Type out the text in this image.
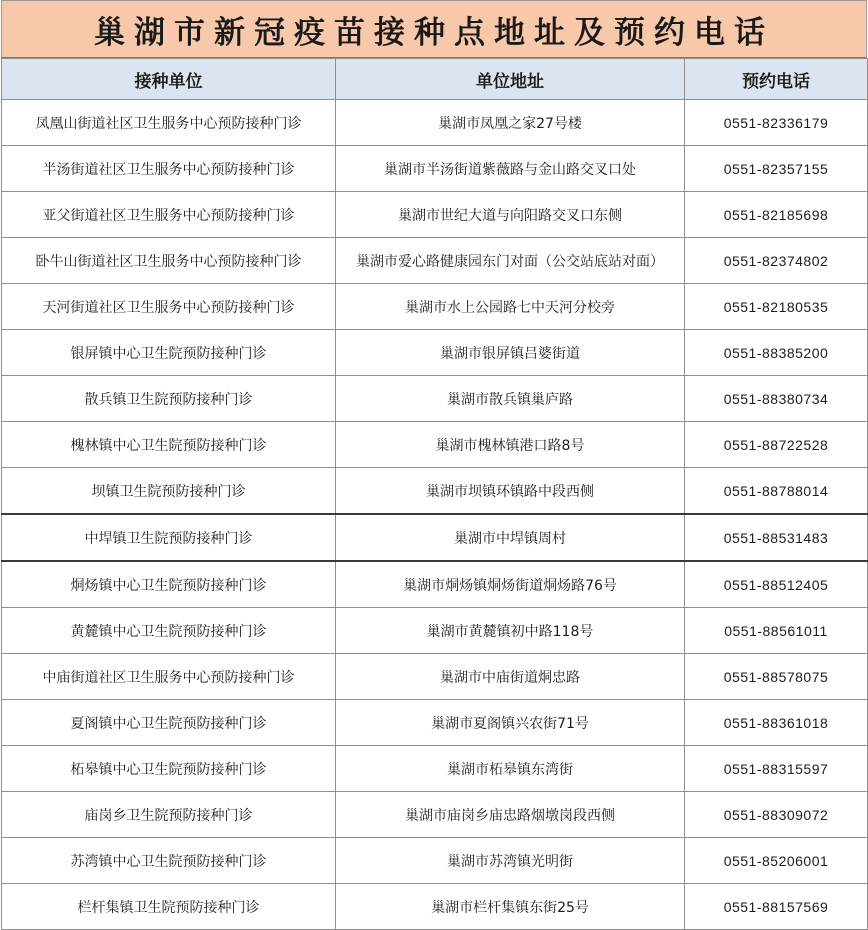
巢湖市新冠疫苗接种点地址及预约电话
接种单位	单位地址	预约电话
凤凰山街道社区卫生服务中心预防接种门诊	巢湖市凤凰之家27号楼	0551-82336179
半汤街道社区卫生服务中心预防接种门诊	巢湖市半汤街道紫薇路与金山路交叉口处	0551-82357155
亚父街道社区卫生服务中心预防接种门诊	巢湖市世纪大道与向阳路交叉口东侧	0551-82185698
卧牛山街道社区卫生服务中心预防接种门诊	巢湖市爱心路健康园东门对面（公交站底站对面）	0551-82374802
天河街道社区卫生服务中心预防接种门诊	巢湖市水上公园路七中天河分校旁	0551-82180535
银屏镇中心卫生院预防接种门诊	巢湖市银屏镇吕婆街道	0551-88385200
散兵镇卫生院预防接种门诊	巢湖市散兵镇巢庐路	0551-88380734
槐林镇中心卫生院预防接种门诊	巢湖市槐林镇港口路8号	0551-88722528
坝镇卫生院预防接种门诊	巢湖市坝镇环镇路中段西侧	0551-88788014
中垾镇卫生院预防接种门诊	巢湖市中垾镇周村	0551-88531483
烔炀镇中心卫生院预防接种门诊	巢湖市烔炀镇烔炀街道烔炀路76号	0551-88512405
黄麓镇中心卫生院预防接种门诊	巢湖市黄麓镇初中路118号	0551-88561011
中庙街道社区卫生服务中心预防接种门诊	巢湖市中庙街道烔忠路	0551-88578075
夏阁镇中心卫生院预防接种门诊	巢湖市夏阁镇兴农街71号	0551-88361018
柘皋镇中心卫生院预防接种门诊	巢湖市柘皋镇东湾街	0551-88315597
庙岗乡卫生院预防接种门诊	巢湖市庙岗乡庙忠路烟墩岗段西侧	0551-88309072
苏湾镇中心卫生院预防接种门诊	巢湖市苏湾镇光明街	0551-85206001
栏杆集镇卫生院预防接种门诊	巢湖市栏杆集镇东街25号	0551-88157569
